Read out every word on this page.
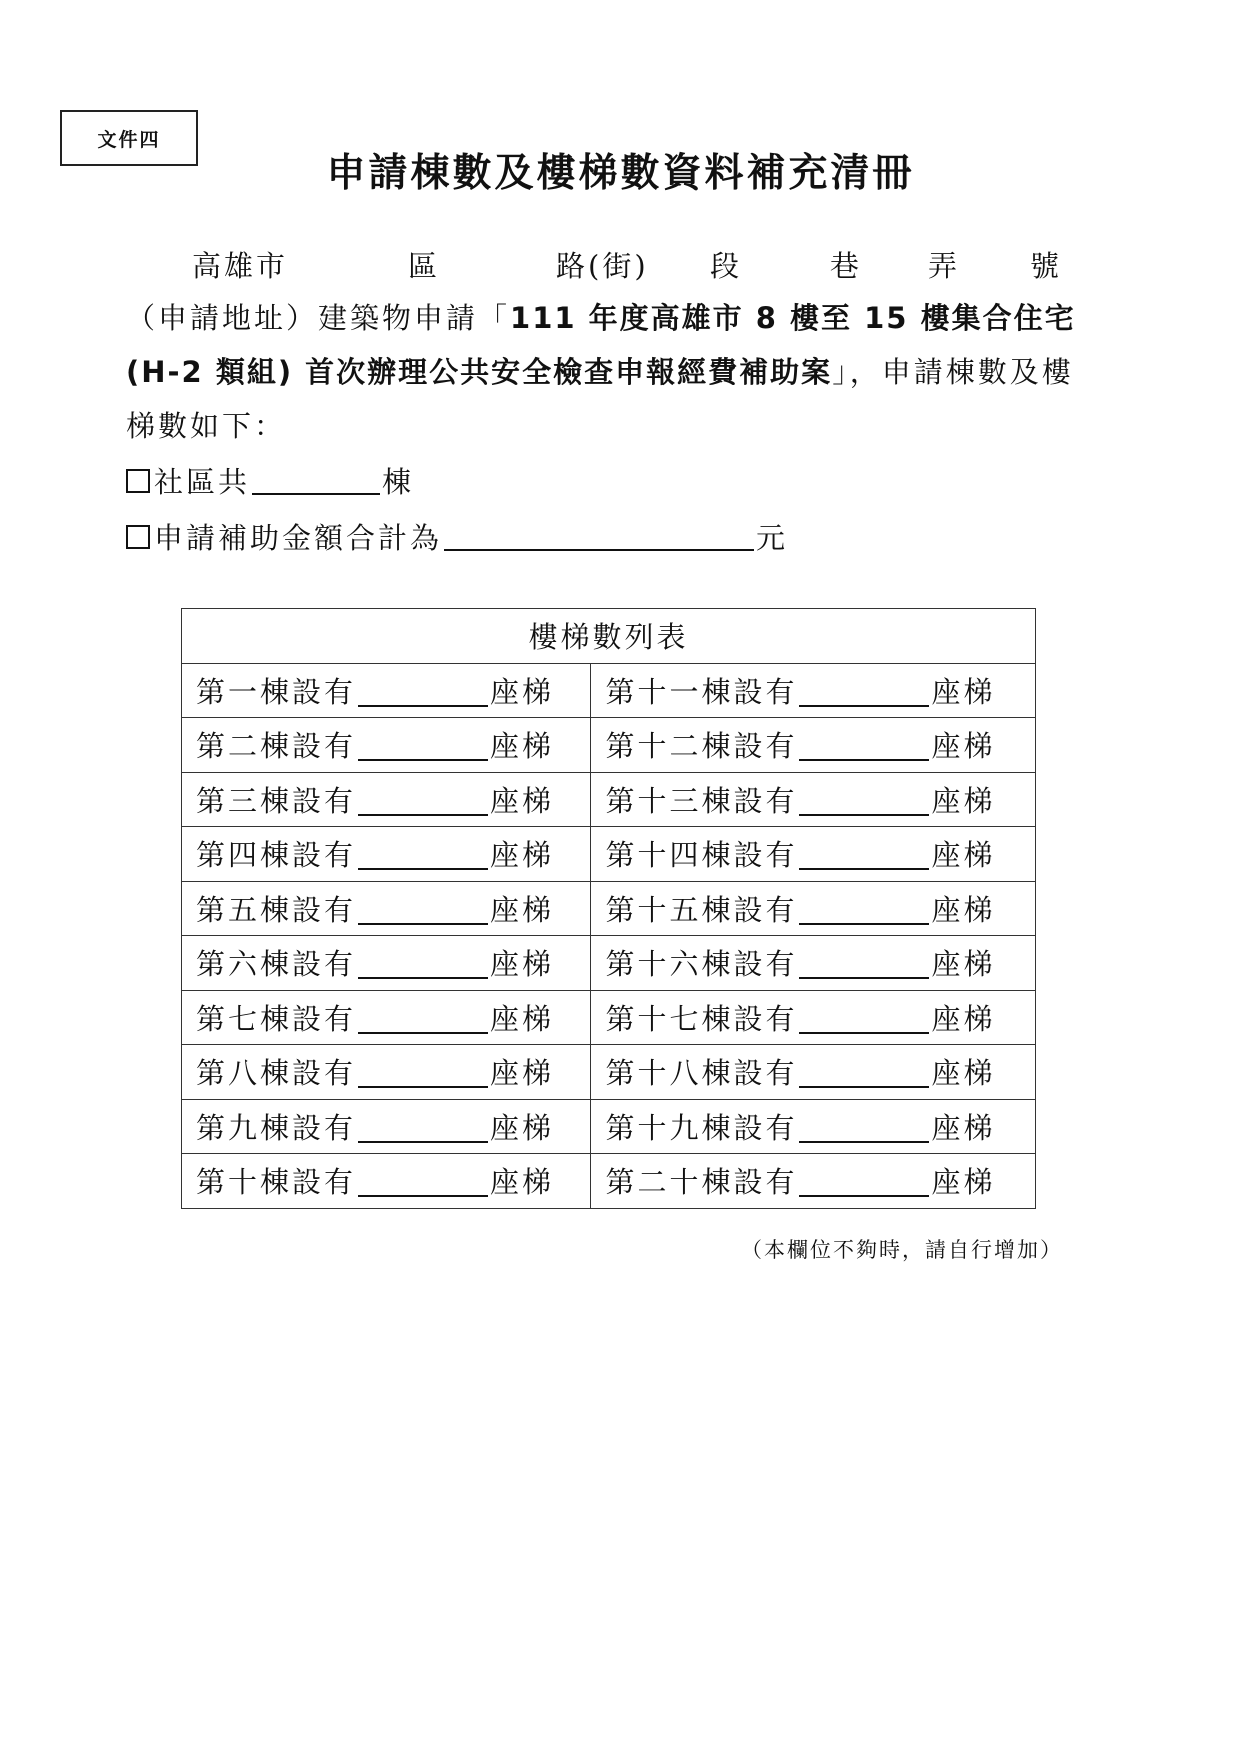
文件四
申請棟數及樓梯數資料補充清冊
高雄市	區	路(街) 段	巷 弄 號
（申請地址）建築物申請「111 年度高雄市 8 樓至 15 樓集合住宅
(H-2 類組) 首次辦理公共安全檢查申報經費補助案」，申請棟數及樓
梯數如下：
社區共	棟
申請補助金額合計為	元
樓梯數列表	
第一棟設有 座梯	第十一棟設有 座梯
第二棟設有 座梯	第十二棟設有 座梯
第三棟設有 座梯	第十三棟設有 座梯
第四棟設有 座梯	第十四棟設有 座梯
第五棟設有 座梯	第十五棟設有 座梯
第六棟設有 座梯	第十六棟設有 座梯
第七棟設有 座梯	第十七棟設有 座梯
第八棟設有 座梯	第十八棟設有 座梯
第九棟設有 座梯	第十九棟設有 座梯
第十棟設有 座梯	第二十棟設有 座梯
（本欄位不夠時，請自行增加）
